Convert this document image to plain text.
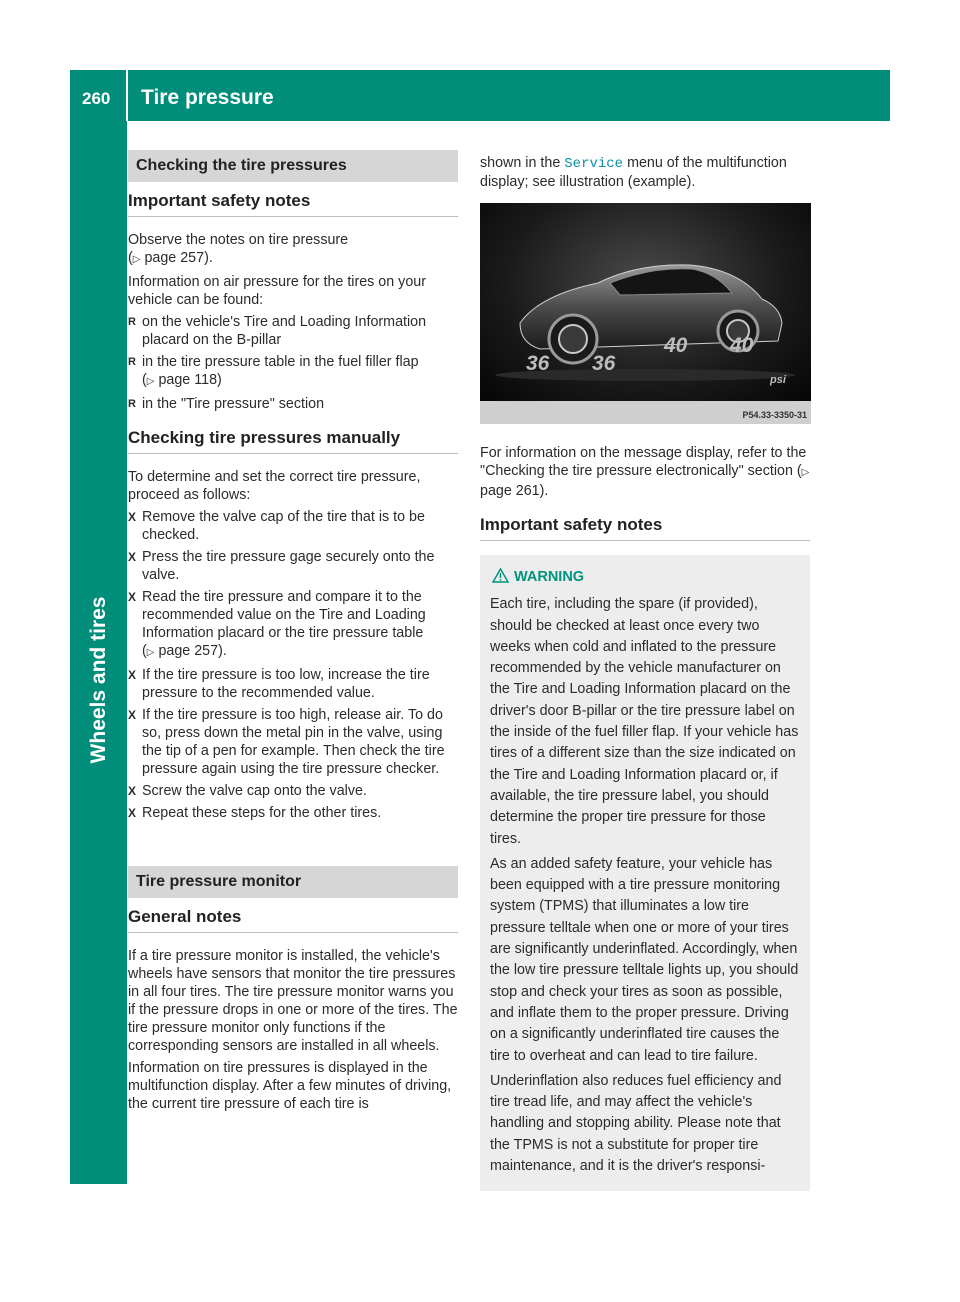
260 Tire pressure
Wheels and tires
Checking the tire pressures
Important safety notes

Observe the notes on tire pressure
(▷ page 257).

Information on air pressure for the tires on your vehicle can be found:

R on the vehicle's Tire and Loading Information placard on the B-pillar
R in the tire pressure table in the fuel filler flap
(▷ page 118)
R in the "Tire pressure" section
Checking tire pressures manually

To determine and set the correct tire pressure, proceed as follows:

X Remove the valve cap of the tire that is to be checked.
X Press the tire pressure gage securely onto the valve.
X Read the tire pressure and compare it to the recommended value on the Tire and Loading Information placard or the tire pressure table
(▷ page 257).
X If the tire pressure is too low, increase the tire pressure to the recommended value.
X If the tire pressure is too high, release air. To do so, press down the metal pin in the valve, using the tip of a pen for example. Then check the tire pressure again using the tire pressure checker.
X Screw the valve cap onto the valve.
X Repeat these steps for the other tires.
Tire pressure monitor
General notes

If a tire pressure monitor is installed, the vehicle's wheels have sensors that monitor the tire pressures in all four tires. The tire pressure monitor warns you if the pressure drops in one or more of the tires. The tire pressure monitor only functions if the corresponding sensors are installed in all wheels.

Information on tire pressures is displayed in the multifunction display. After a few minutes of driving, the current tire pressure of each tire is

shown in the Service menu of the multifunction display; see illustration (example).

36 36
40 40
psi
P54.33-3350-31

For information on the message display, refer to the "Checking the tire pressure electronically" section (▷ page 261).

Important safety notes
WARNING

Each tire, including the spare (if provided), should be checked at least once every two weeks when cold and inflated to the pressure recommended by the vehicle manufacturer on the Tire and Loading Information placard on the driver's door B-pillar or the tire pressure label on the inside of the fuel filler flap. If your vehicle has tires of a different size than the size indicated on the Tire and Loading Information placard or, if available, the tire pressure label, you should determine the proper tire pressure for those tires.

As an added safety feature, your vehicle has been equipped with a tire pressure monitoring system (TPMS) that illuminates a low tire pressure telltale when one or more of your tires are significantly underinflated. Accordingly, when the low tire pressure telltale lights up, you should stop and check your tires as soon as possible, and inflate them to the proper pressure. Driving on a significantly underinflated tire causes the tire to overheat and can lead to tire failure.

Underinflation also reduces fuel efficiency and tire tread life, and may affect the vehicle's handling and stopping ability. Please note that the TPMS is not a substitute for proper tire maintenance, and it is the driver's responsi-
